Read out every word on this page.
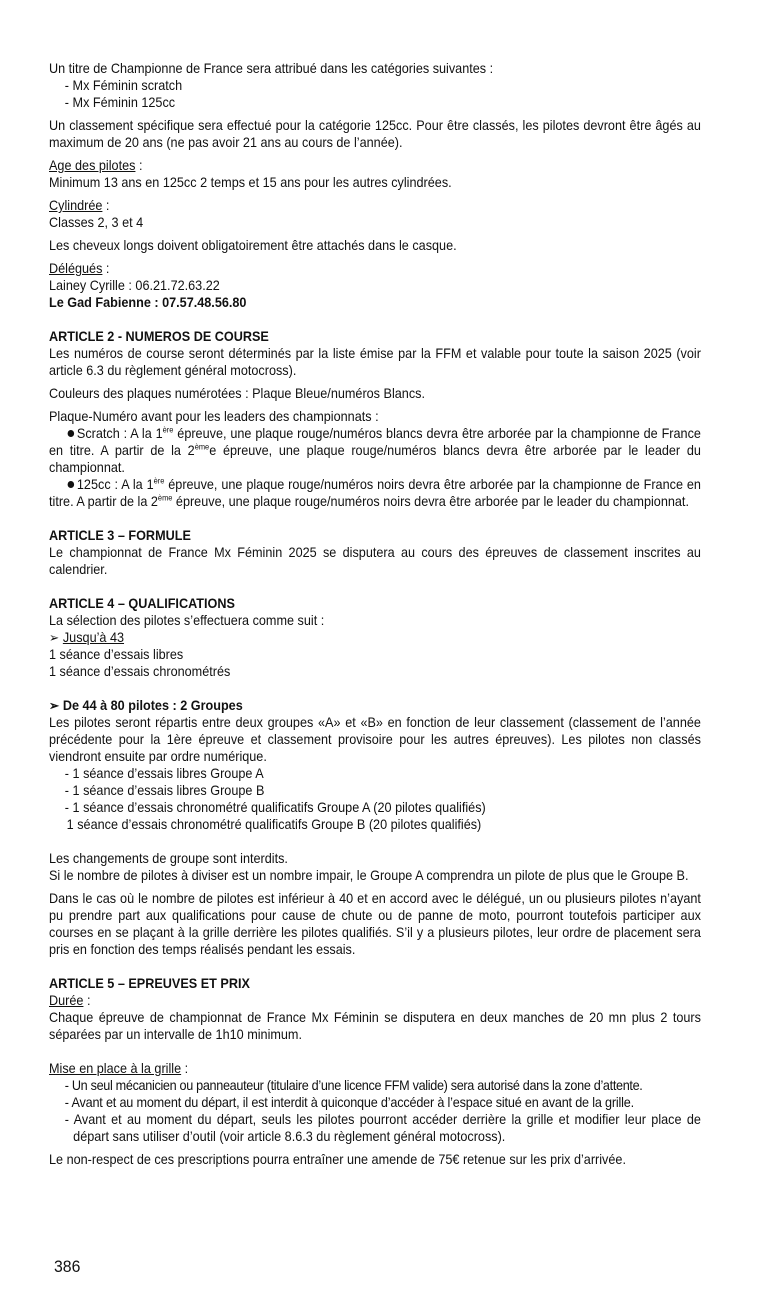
Un titre de Championne de France sera attribué dans les catégories suivantes :

- Mx Féminin scratch

- Mx Féminin 125cc

Un classement spécifique sera effectué pour la catégorie 125cc. Pour être classés, les pilotes devront être âgés au maximum de 20 ans (ne pas avoir 21 ans au cours de l’année).

Age des pilotes :

Minimum 13 ans en 125cc 2 temps et 15 ans pour les autres cylindrées.

Cylindrée :

Classes 2, 3 et 4

Les cheveux longs doivent obligatoirement être attachés dans le casque.

Délégués :

Lainey Cyrille : 06.21.72.63.22

Le Gad Fabienne : 07.57.48.56.80

ARTICLE 2 - NUMEROS DE COURSE

Les numéros de course seront déterminés par la liste émise par la FFM et valable pour toute la saison 2025 (voir article 6.3 du règlement général motocross).

Couleurs des plaques numérotées : Plaque Bleue/numéros Blancs.

Plaque-Numéro avant pour les leaders des championnats :

Scratch : A la 1ère épreuve, une plaque rouge/numéros blancs devra être arborée par la championne de France en titre. A partir de la 2èmee épreuve, une plaque rouge/numéros blancs devra être arborée par le leader du championnat.

125cc : A la 1ère épreuve, une plaque rouge/numéros noirs devra être arborée par la championne de France en titre. A partir de la 2ème épreuve, une plaque rouge/numéros noirs devra être arborée par le leader du championnat.

ARTICLE 3 – FORMULE

Le championnat de France Mx Féminin 2025 se disputera au cours des épreuves de classement inscrites au calendrier.

ARTICLE 4 – QUALIFICATIONS

La sélection des pilotes s’effectuera comme suit :

➢ Jusqu’à 43

1 séance d’essais libres

1 séance d’essais chronométrés

➢ De 44 à 80 pilotes : 2 Groupes

Les pilotes seront répartis entre deux groupes «A» et «B» en fonction de leur classement (classement de l’année précédente pour la 1ère épreuve et classement provisoire pour les autres épreuves). Les pilotes non classés viendront ensuite par ordre numérique.

- 1 séance d’essais libres Groupe A

- 1 séance d’essais libres Groupe B

- 1 séance d’essais chronométré qualificatifs Groupe A (20 pilotes qualifiés)

1 séance d’essais chronométré qualificatifs Groupe B (20 pilotes qualifiés)

Les changements de groupe sont interdits.

Si le nombre de pilotes à diviser est un nombre impair, le Groupe A comprendra un pilote de plus que le Groupe B.

Dans le cas où le nombre de pilotes est inférieur à 40 et en accord avec le délégué, un ou plusieurs pilotes n’ayant pu prendre part aux qualifications pour cause de chute ou de panne de moto, pourront toutefois participer aux courses en se plaçant à la grille derrière les pilotes qualifiés. S’il y a plusieurs pilotes, leur ordre de placement sera pris en fonction des temps réalisés pendant les essais.

ARTICLE 5 – EPREUVES ET PRIX

Durée :

Chaque épreuve de championnat de France Mx Féminin se disputera en deux manches de 20 mn plus 2 tours séparées par un intervalle de 1h10 minimum.

Mise en place à la grille :

- Un seul mécanicien ou panneauteur (titulaire d’une licence FFM valide) sera autorisé dans la zone d’attente.

- Avant et au moment du départ, il est interdit à quiconque d’accéder à l’espace situé en avant de la grille.

- Avant et au moment du départ, seuls les pilotes pourront accéder derrière la grille et modifier leur place de départ sans utiliser d’outil (voir article 8.6.3 du règlement général motocross).

Le non-respect de ces prescriptions pourra entraîner une amende de 75€ retenue sur les prix d’arrivée.

386
